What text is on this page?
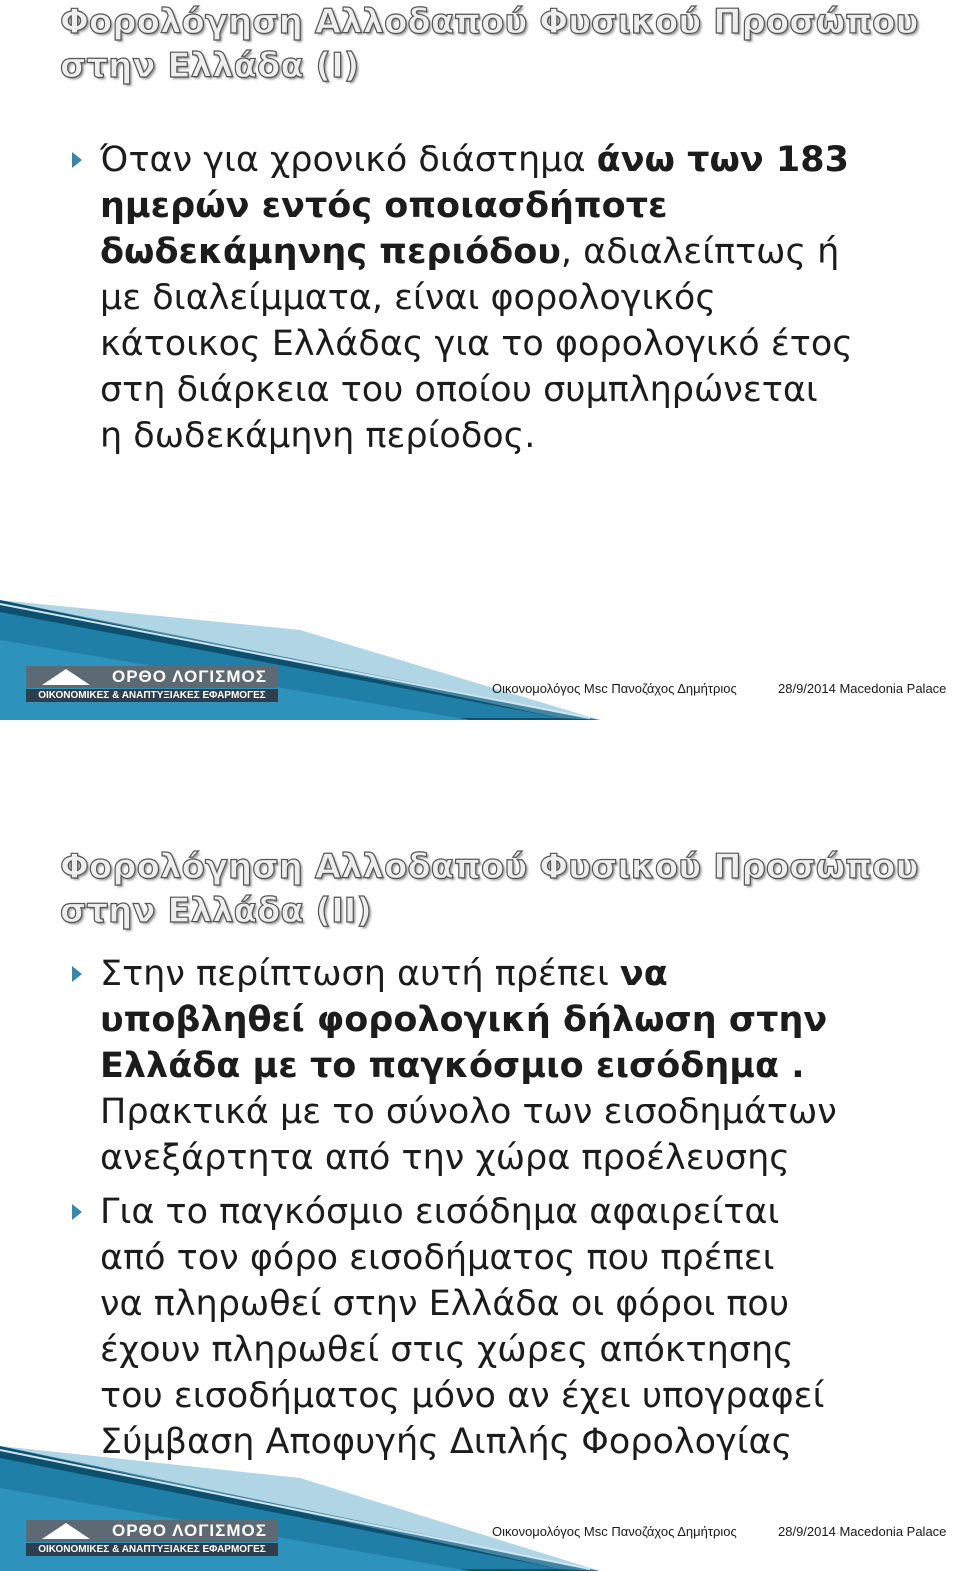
Φορολόγηση Αλλοδαπού Φυσικού Προσώπου
στην Ελλάδα (I)
Όταν για χρονικό διάστημα άνω των 183
ημερών εντός οποιασδήποτε
δωδεκάμηνης περιόδου, αδιαλείπτως ή
με διαλείμματα, είναι φορολογικός
κάτοικος Ελλάδας για το φορολογικό έτος
στη διάρκεια του οποίου συμπληρώνεται
η δωδεκάμηνη περίοδος.
ΟΡΘΟ ΛΟΓΙΣΜΟΣ
ΟΙΚΟΝΟΜΙΚΕΣ & ΑΝΑΠΤΥΞΙΑΚΕΣ ΕΦΑΡΜΟΓΕΣ	Οικονομολόγος Msc Πανοζάχος Δημήτριος	28/9/2014 Macedonia Palace
Φορολόγηση Αλλοδαπού Φυσικού Προσώπου
στην Ελλάδα (II)
Στην περίπτωση αυτή πρέπει να
υποβληθεί φορολογική δήλωση στην
Ελλάδα με το παγκόσμιο εισόδημα .
Πρακτικά με το σύνολο των εισοδημάτων
ανεξάρτητα από την χώρα προέλευσης
Για το παγκόσμιο εισόδημα αφαιρείται
από τον φόρο εισοδήματος που πρέπει
να πληρωθεί στην Ελλάδα οι φόροι που
έχουν πληρωθεί στις χώρες απόκτησης
του εισοδήματος μόνο αν έχει υπογραφεί
Σύμβαση Αποφυγής Διπλής Φορολογίας
ΟΡΘΟ ΛΟΓΙΣΜΟΣ
ΟΙΚΟΝΟΜΙΚΕΣ & ΑΝΑΠΤΥΞΙΑΚΕΣ ΕΦΑΡΜΟΓΕΣ
Οικονομολόγος Msc Πανοζάχος Δημήτριος	28/9/2014 Macedonia Palace
